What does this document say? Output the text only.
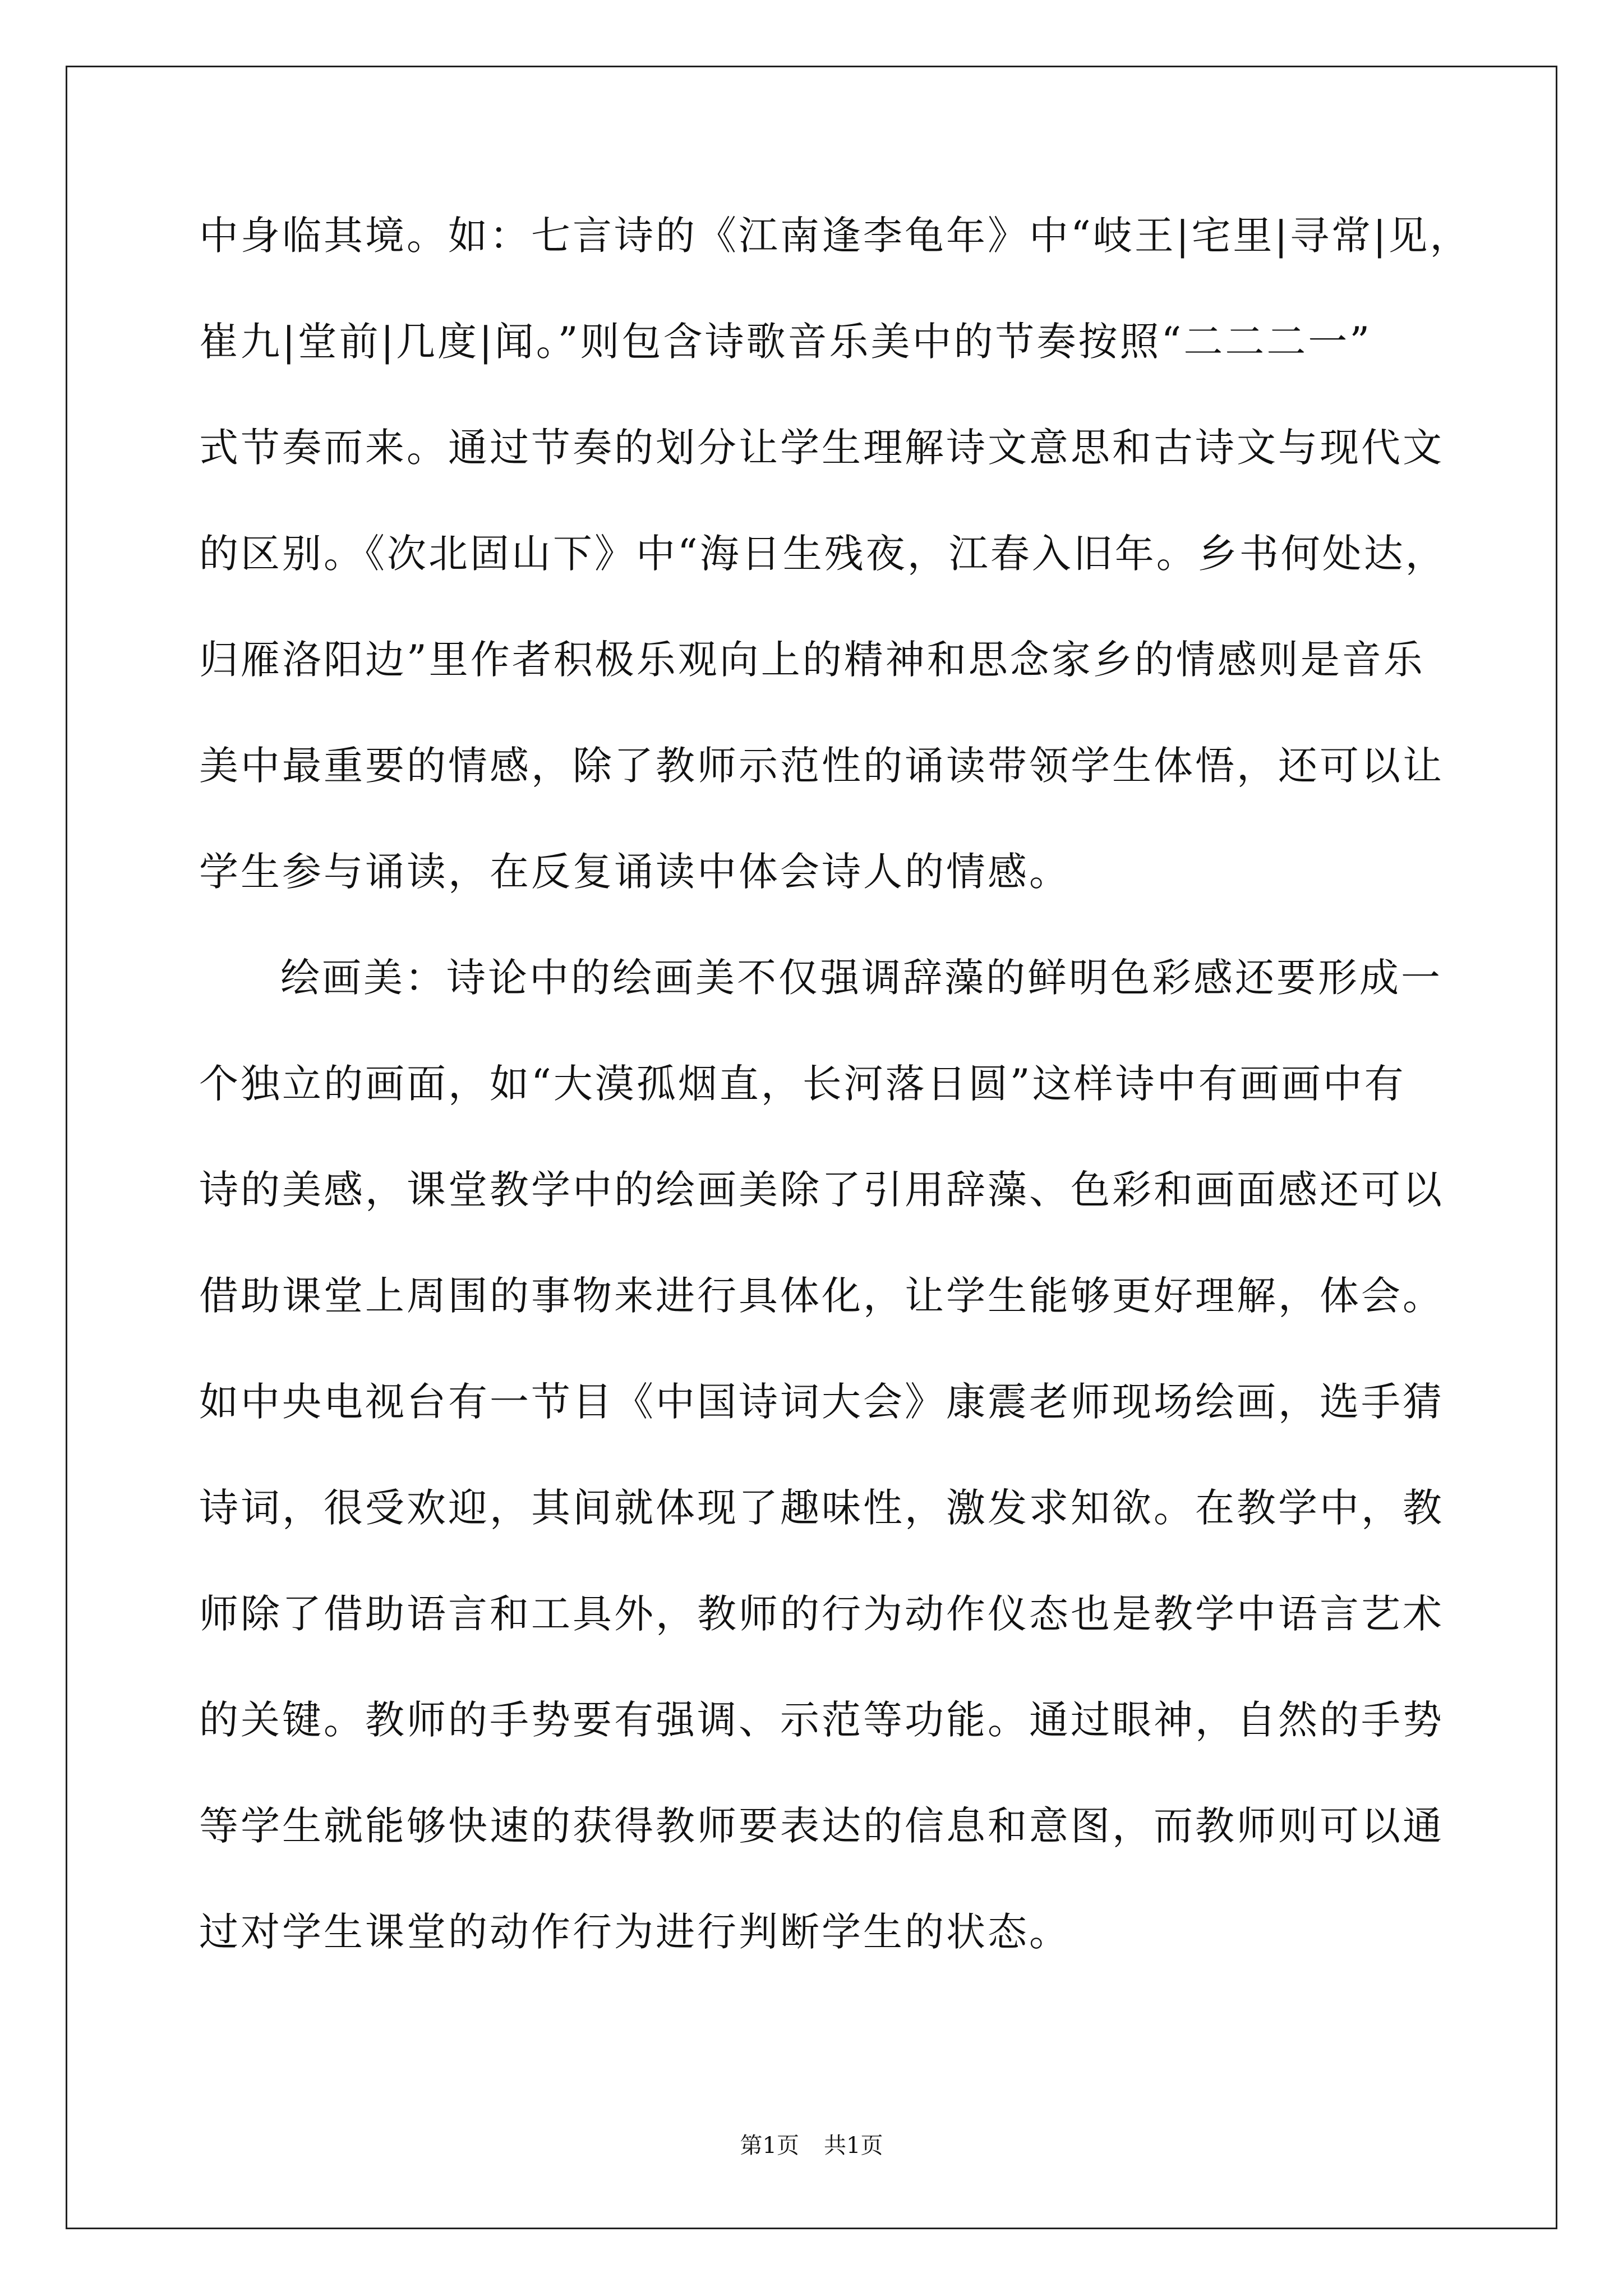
中身临其境。如：七言诗的《江南逢李龟年》中“岐王|宅里|寻常|见，
崔九|堂前|几度|闻。”则包含诗歌音乐美中的节奏按照“二二二一”
式节奏而来。通过节奏的划分让学生理解诗文意思和古诗文与现代文
的区别。《次北固山下》中“海日生残夜，江春入旧年。乡书何处达，
归雁洛阳边”里作者积极乐观向上的精神和思念家乡的情感则是音乐
美中最重要的情感，除了教师示范性的诵读带领学生体悟，还可以让
学生参与诵读，在反复诵读中体会诗人的情感。
绘画美：诗论中的绘画美不仅强调辞藻的鲜明色彩感还要形成一
个独立的画面，如“大漠孤烟直，长河落日圆”这样诗中有画画中有
诗的美感，课堂教学中的绘画美除了引用辞藻、色彩和画面感还可以
借助课堂上周围的事物来进行具体化，让学生能够更好理解，体会。
如中央电视台有一节目《中国诗词大会》康震老师现场绘画，选手猜
诗词，很受欢迎，其间就体现了趣味性，激发求知欲。在教学中，教
师除了借助语言和工具外，教师的行为动作仪态也是教学中语言艺术
的关键。教师的手势要有强调、示范等功能。通过眼神，自然的手势
等学生就能够快速的获得教师要表达的信息和意图，而教师则可以通
过对学生课堂的动作行为进行判断学生的状态。
第1页 共1页
